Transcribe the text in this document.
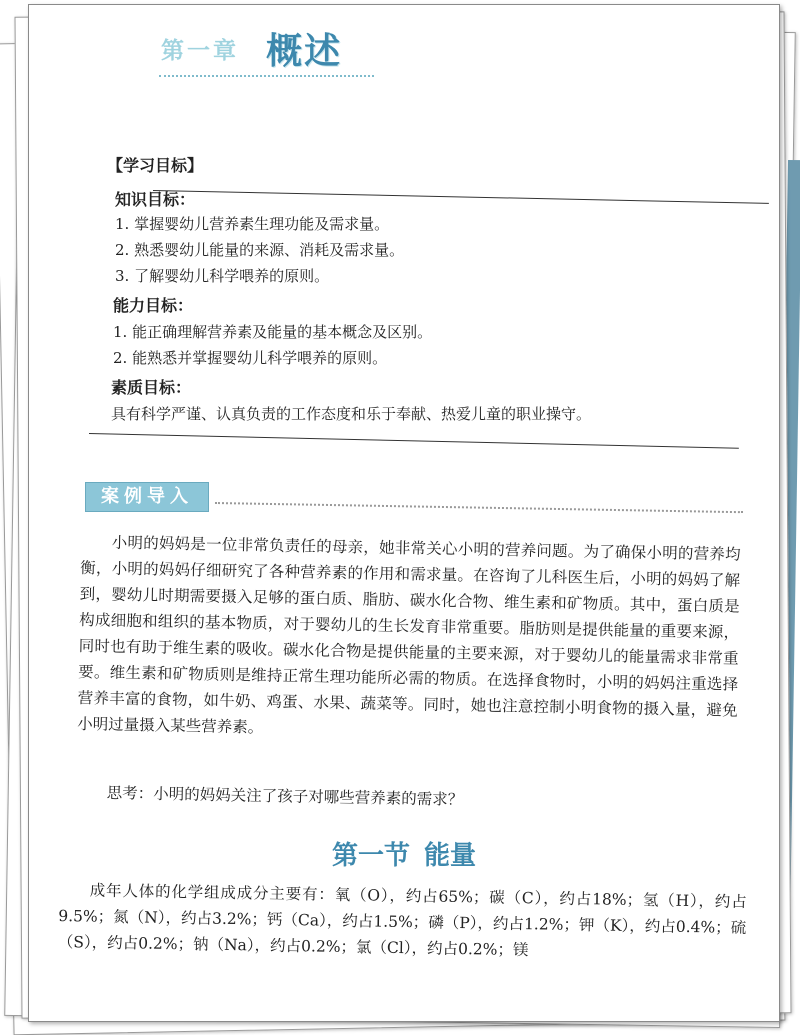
第一章 概述
【学习目标】
知识目标：
1. 掌握婴幼儿营养素生理功能及需求量。
2. 熟悉婴幼儿能量的来源、消耗及需求量。
3. 了解婴幼儿科学喂养的原则。
能力目标：
1. 能正确理解营养素及能量的基本概念及区别。
2. 能熟悉并掌握婴幼儿科学喂养的原则。
素质目标：
具有科学严谨、认真负责的工作态度和乐于奉献、热爱儿童的职业操守。
案例导入

小明的妈妈是一位非常负责任的母亲，她非常关心小明的营养问题。为了确保小明的营养均衡，小明的妈妈仔细研究了各种营养素的作用和需求量。在咨询了儿科医生后，小明的妈妈了解到，婴幼儿时期需要摄入足够的蛋白质、脂肪、碳水化合物、维生素和矿物质。其中，蛋白质是构成细胞和组织的基本物质，对于婴幼儿的生长发育非常重要。脂肪则是提供能量的重要来源，同时也有助于维生素的吸收。碳水化合物是提供能量的主要来源，对于婴幼儿的能量需求非常重要。维生素和矿物质则是维持正常生理功能所必需的物质。在选择食物时，小明的妈妈注重选择营养丰富的食物，如牛奶、鸡蛋、水果、蔬菜等。同时，她也注意控制小明食物的摄入量，避免小明过量摄入某些营养素。

思考：小明的妈妈关注了孩子对哪些营养素的需求？
第一节 能量

成年人体的化学组成成分主要有：氧（O），约占65%；碳（C），约占18%；氢（H），约占9.5%；氮（N），约占3.2%；钙（Ca），约占1.5%；磷（P），约占1.2%；钾（K），约占0.4%；硫（S），约占0.2%；钠（Na），约占0.2%；氯（Cl），约占0.2%；镁
